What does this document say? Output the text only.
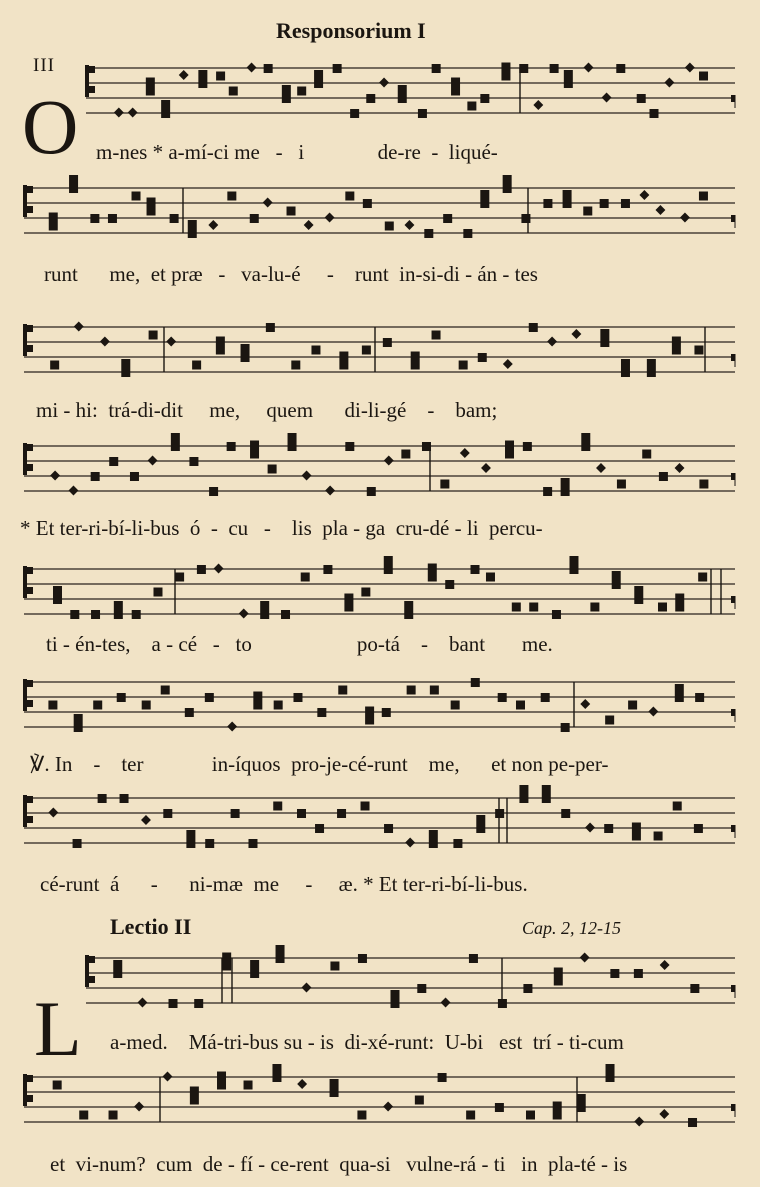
Responsorium I
III
O m-nes * a-mí-ci me   -   i              de-re  -  liqué-
runt      me,  et præ   -   va-lu-é     -    runt  in-si-di - án - tes
mi - hi:  trá-di-dit     me,     quem      di-li-gé    -    bam;
* Et ter-ri-bí-li-bus  ó  -  cu   -    lis  pla - ga  cru-dé - li  percu-
ti - én-tes,    a - cé   -   to                    po-tá    -    bant       me.
℣. In    -    ter             in-íquos  pro-je-cé-runt    me,      et non pe-per-
cé-runt  á      -      ni-mæ  me     -     æ. * Et ter-ri-bí-li-bus.
Lectio II	Cap. 2, 12-15
L a-med.    Má-tri-bus su - is  di-xé-runt:  U-bi   est  trí - ti-cum
et  vi-num?  cum  de - fí - ce-rent  qua-si   vulne-rá - ti   in  pla-té - is
